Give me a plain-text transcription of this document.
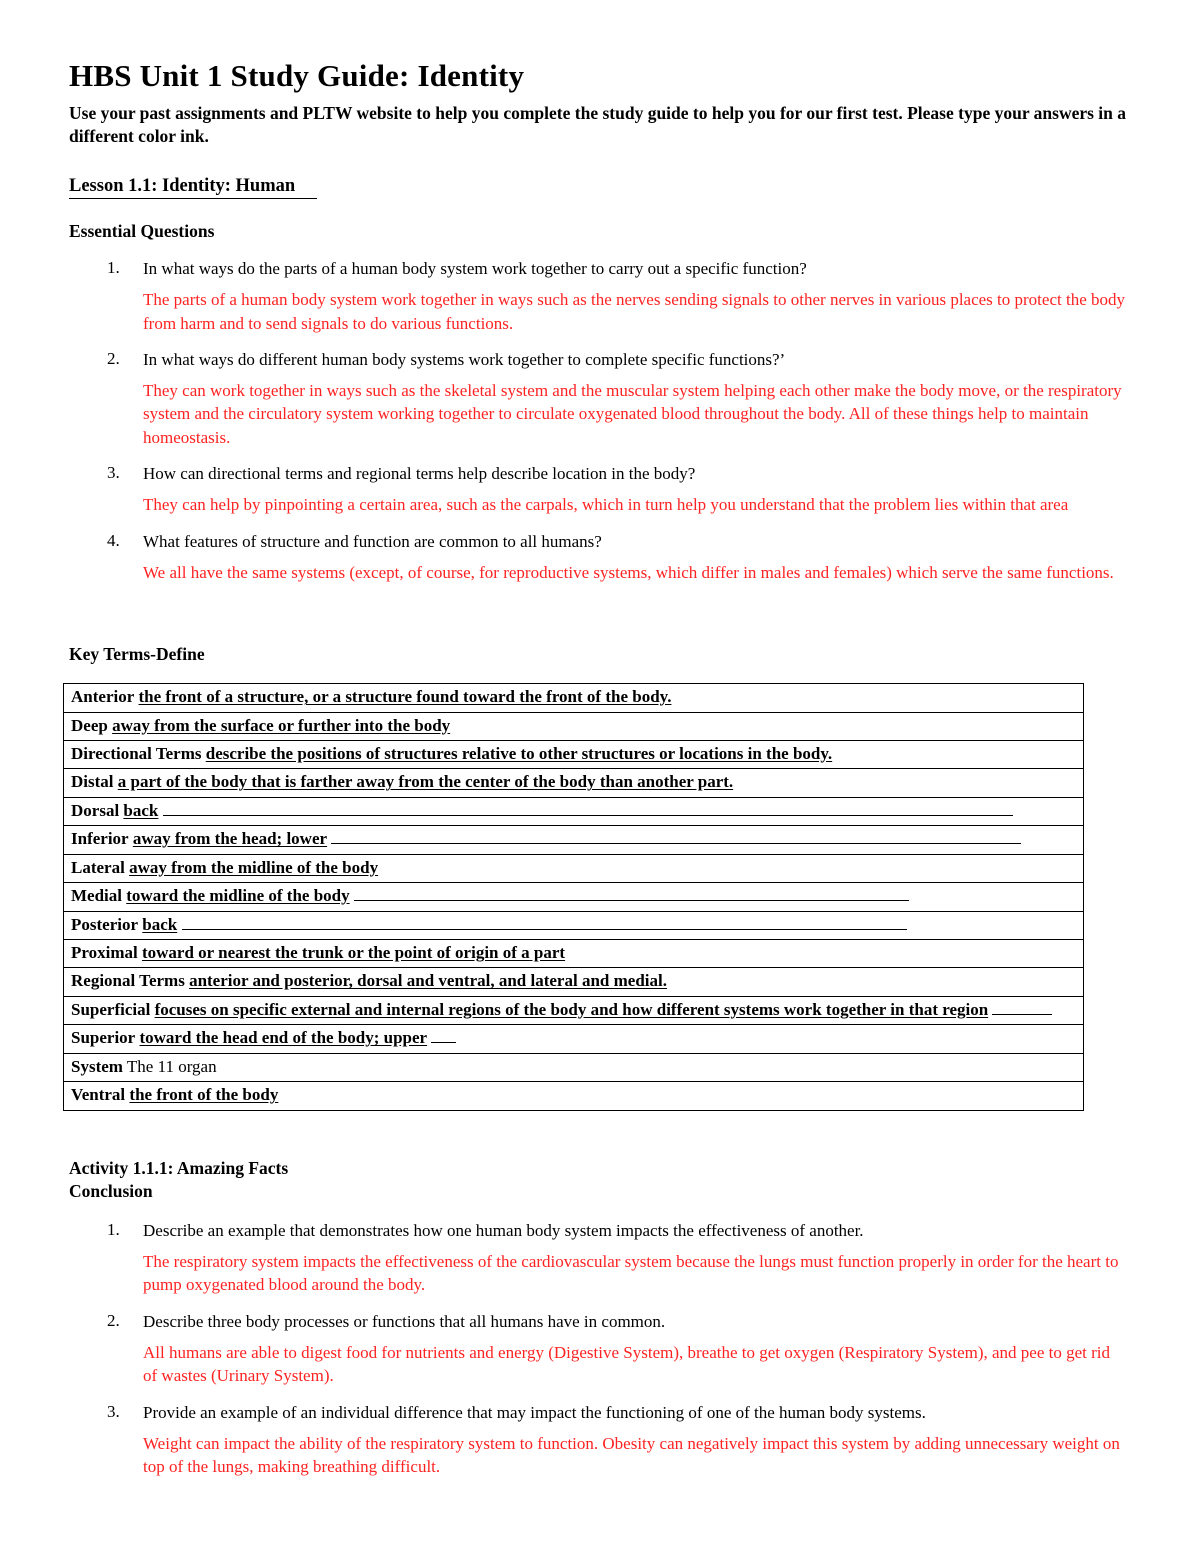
HBS Unit 1 Study Guide: Identity

Use your past assignments and PLTW website to help you complete the study guide to help you for our first test. Please type your answers in a different color ink.

Lesson 1.1: Identity: Human
Essential Questions
1.	In what ways do the parts of a human body system work together to carry out a specific function?

The parts of a human body system work together in ways such as the nerves sending signals to other nerves in various places to protect the body from harm and to send signals to do various functions.

2.	In what ways do different human body systems work together to complete specific functions?’

They can work together in ways such as the skeletal system and the muscular system helping each other make the body move, or the respiratory system and the circulatory system working together to circulate oxygenated blood throughout the body. All of these things help to maintain homeostasis.

3.	How can directional terms and regional terms help describe location in the body?

They can help by pinpointing a certain area, such as the carpals, which in turn help you understand that the problem lies within that area

4.	What features of structure and function are common to all humans?

We all have the same systems (except, of course, for reproductive systems, which differ in males and females) which serve the same functions.

Key Terms-Define
Anterior the front of a structure, or a structure found toward the front of the body.
Deep away from the surface or further into the body
Directional Terms describe the positions of structures relative to other structures or locations in the body.
Distal a part of the body that is farther away from the center of the body than another part.
Dorsal back
Inferior away from the head; lower
Lateral away from the midline of the body
Medial toward the midline of the body
Posterior back
Proximal toward or nearest the trunk or the point of origin of a part
Regional Terms anterior and posterior, dorsal and ventral, and lateral and medial.
Superficial focuses on specific external and internal regions of the body and how different systems work together in that region
Superior toward the head end of the body; upper
System The 11 organ
Ventral the front of the body
Activity 1.1.1: Amazing Facts
Conclusion
1.	Describe an example that demonstrates how one human body system impacts the effectiveness of another.

The respiratory system impacts the effectiveness of the cardiovascular system because the lungs must function properly in order for the heart to pump oxygenated blood around the body.

2.	Describe three body processes or functions that all humans have in common.

All humans are able to digest food for nutrients and energy (Digestive System), breathe to get oxygen (Respiratory System), and pee to get rid of wastes (Urinary System).

3.	Provide an example of an individual difference that may impact the functioning of one of the human body systems.

Weight can impact the ability of the respiratory system to function. Obesity can negatively impact this system by adding unnecessary weight on top of the lungs, making breathing difficult.
